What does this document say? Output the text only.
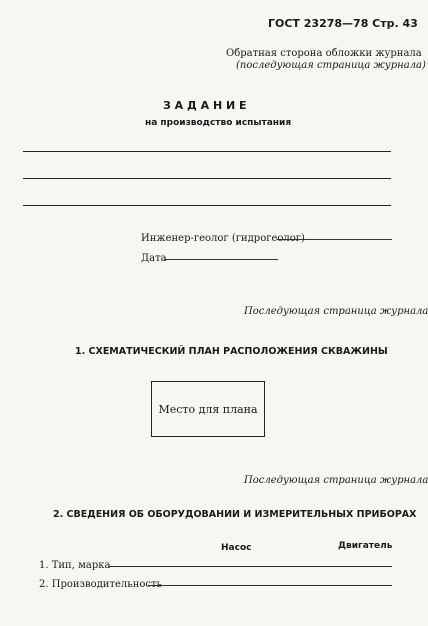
ГОСТ 23278—78 Стр. 43
Обратная сторона обложки журнала
(последующая страница журнала)
З А Д А Н И Е
на производство испытания
Инженер-геолог (гидрогеолог)
Дата
Последующая страница журнала
1. СХЕМАТИЧЕСКИЙ ПЛАН РАСПОЛОЖЕНИЯ СКВАЖИНЫ
Место для плана
Последующая страница журнала
2. СВЕДЕНИЯ ОБ ОБОРУДОВАНИИ И ИЗМЕРИТЕЛЬНЫХ ПРИБОРАХ
Насос	Двигатель
1. Тип, марка
2. Производительность
